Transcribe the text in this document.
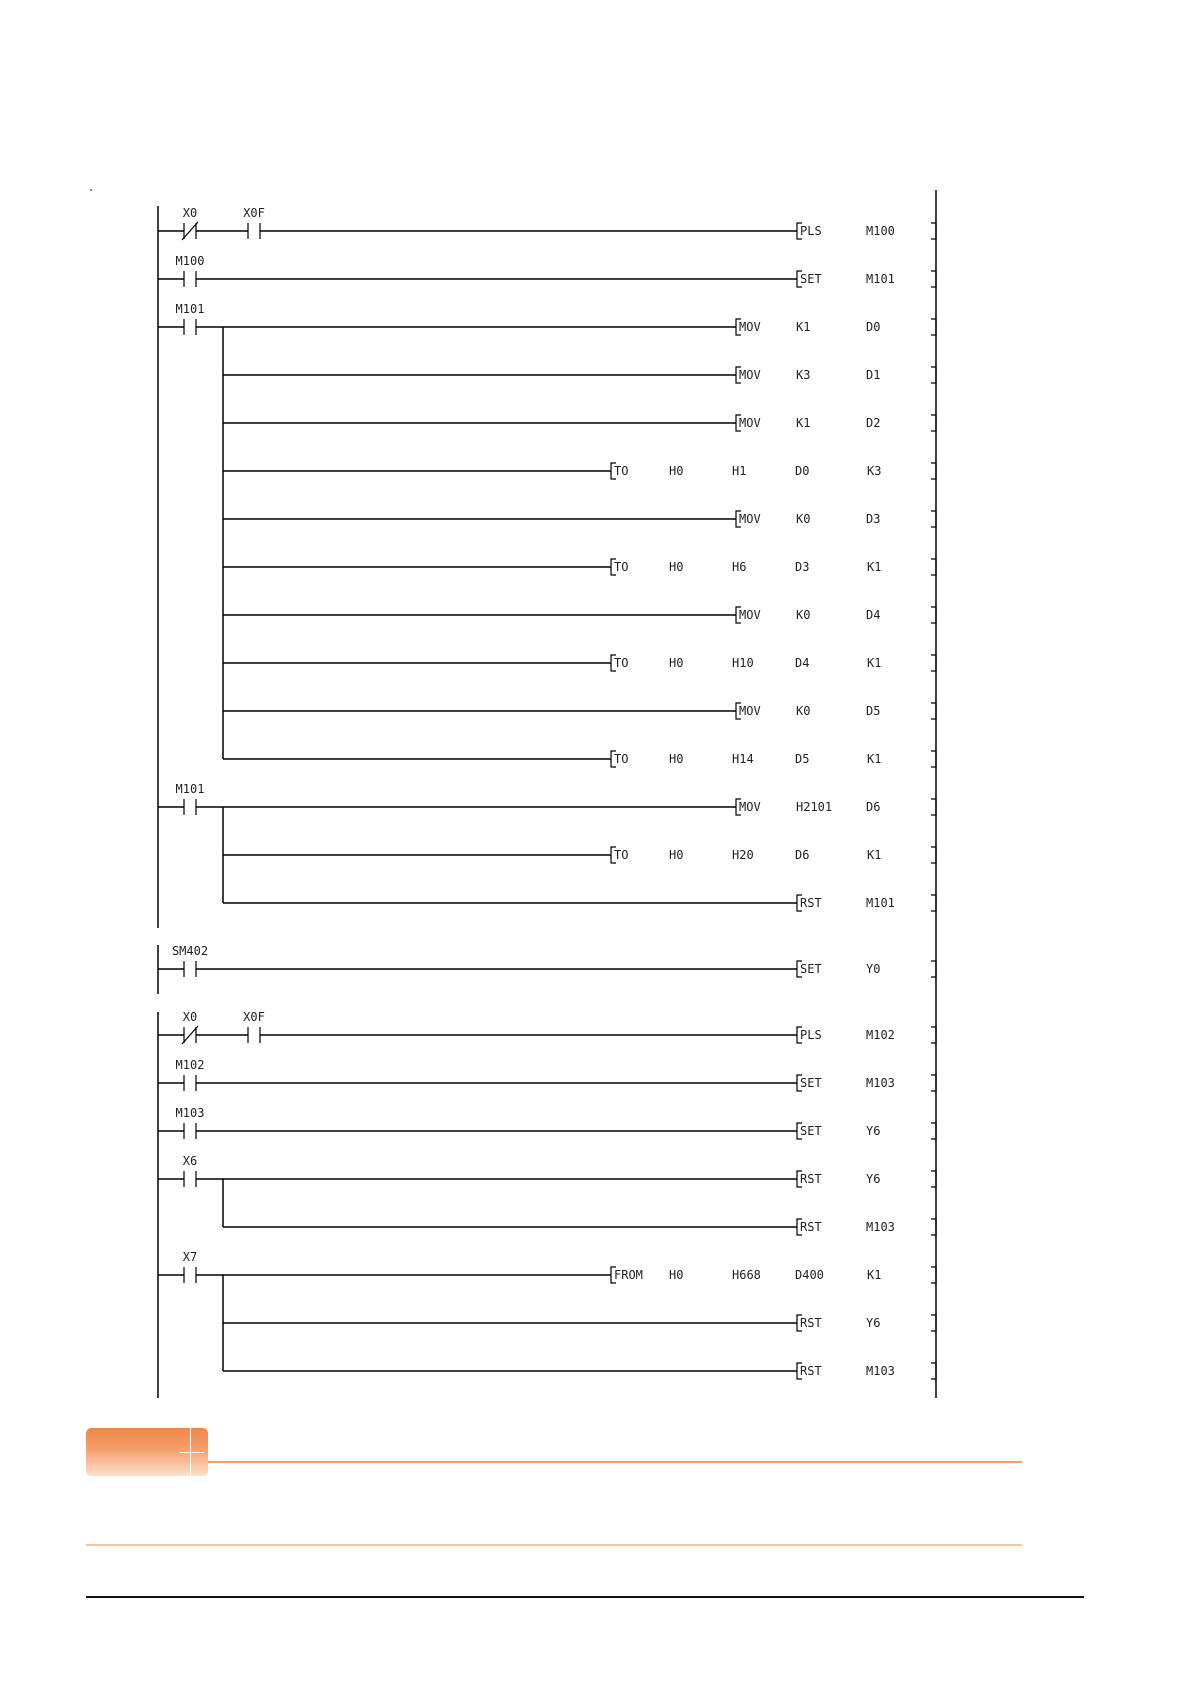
X0	X0F
PLS	M100
M100
SET	M101
M101
MOV	K1	D0
MOV	K3	D1
MOV	K1	D2
TO	H0	H1	D0	K3
MOV	K0	D3
TO	H0	H6	D3	K1
MOV	K0	D4
TO	H0	H10	D4	K1
MOV	K0	D5
TO	H0	H14	D5	K1
M101
MOV	H2101	D6
TO	H0	H20	D6	K1
RST	M101
SM402
SET	Y0
X0	X0F
PLS	M102
M102
SET	M103
M103
SET	Y6
X6
RST	Y6
RST	M103
X7
FROM H0	H668	D400	K1
RST	Y6
RST	M103
